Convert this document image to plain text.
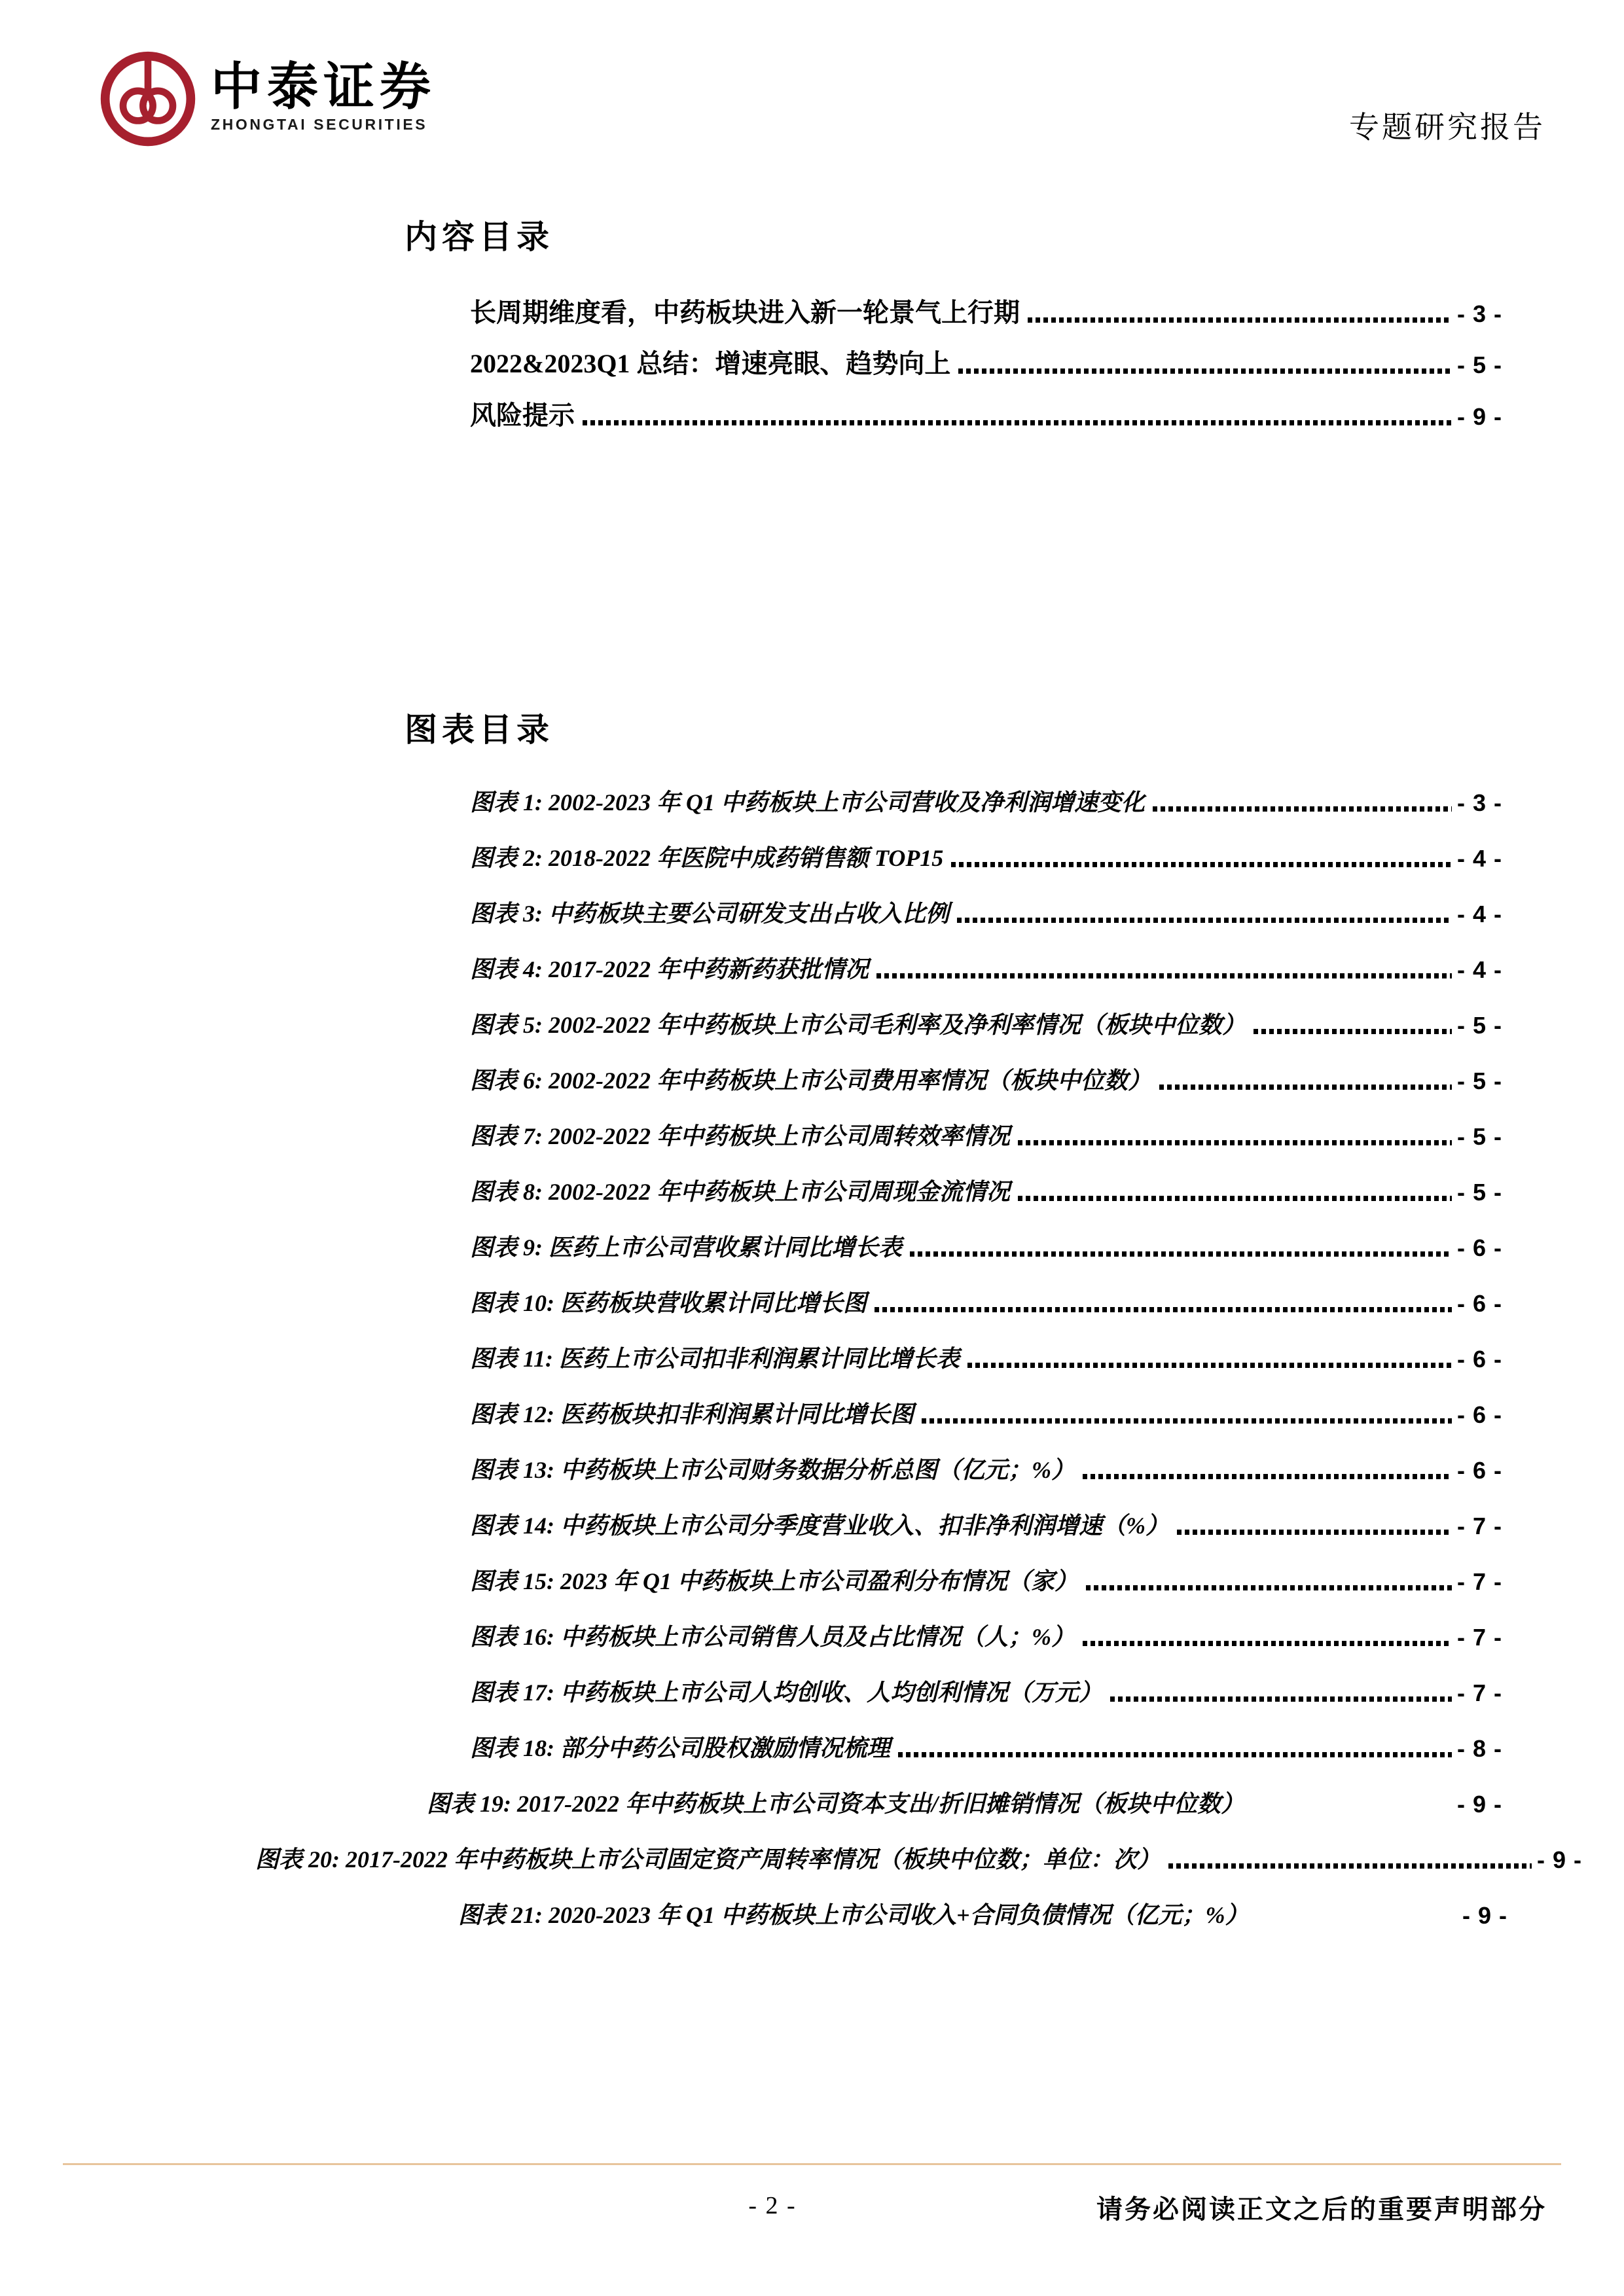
中泰证券
ZHONGTAI SECURITIES	专题研究报告
内容目录
长周期维度看，中药板块进入新一轮景气上行期	- 3 -
2022&2023Q1 总结：增速亮眼、趋势向上	- 5 -
风险提示	- 9 -
图表目录
图表 1: 2002-2023 年 Q1 中药板块上市公司营收及净利润增速变化	- 3 -
图表 2: 2018-2022 年医院中成药销售额 TOP15	- 4 -
图表 3: 中药板块主要公司研发支出占收入比例	- 4 -
图表 4: 2017-2022 年中药新药获批情况	- 4 -
图表 5: 2002-2022 年中药板块上市公司毛利率及净利率情况（板块中位数）	- 5 -
图表 6: 2002-2022 年中药板块上市公司费用率情况（板块中位数）	- 5 -
图表 7: 2002-2022 年中药板块上市公司周转效率情况	- 5 -
图表 8: 2002-2022 年中药板块上市公司周现金流情况	- 5 -
图表 9: 医药上市公司营收累计同比增长表	- 6 -
图表 10: 医药板块营收累计同比增长图	- 6 -
图表 11: 医药上市公司扣非利润累计同比增长表	- 6 -
图表 12: 医药板块扣非利润累计同比增长图	- 6 -
图表 13: 中药板块上市公司财务数据分析总图（亿元；%）	- 6 -
图表 14: 中药板块上市公司分季度营业收入、扣非净利润增速（%）	- 7 -
图表 15: 2023 年 Q1 中药板块上市公司盈利分布情况（家）	- 7 -
图表 16: 中药板块上市公司销售人员及占比情况（人；%）	- 7 -
图表 17: 中药板块上市公司人均创收、人均创利情况（万元）	- 7 -
图表 18: 部分中药公司股权激励情况梳理	- 8 -
图表 19: 2017-2022 年中药板块上市公司资本支出/折旧摊销情况（板块中位数）	- 9 -
图表 20: 2017-2022 年中药板块上市公司固定资产周转率情况（板块中位数；单位：次）	- 9 -
图表 21: 2020-2023 年 Q1 中药板块上市公司收入+合同负债情况（亿元；%）	- 9 -
- 2 -	请务必阅读正文之后的重要声明部分
